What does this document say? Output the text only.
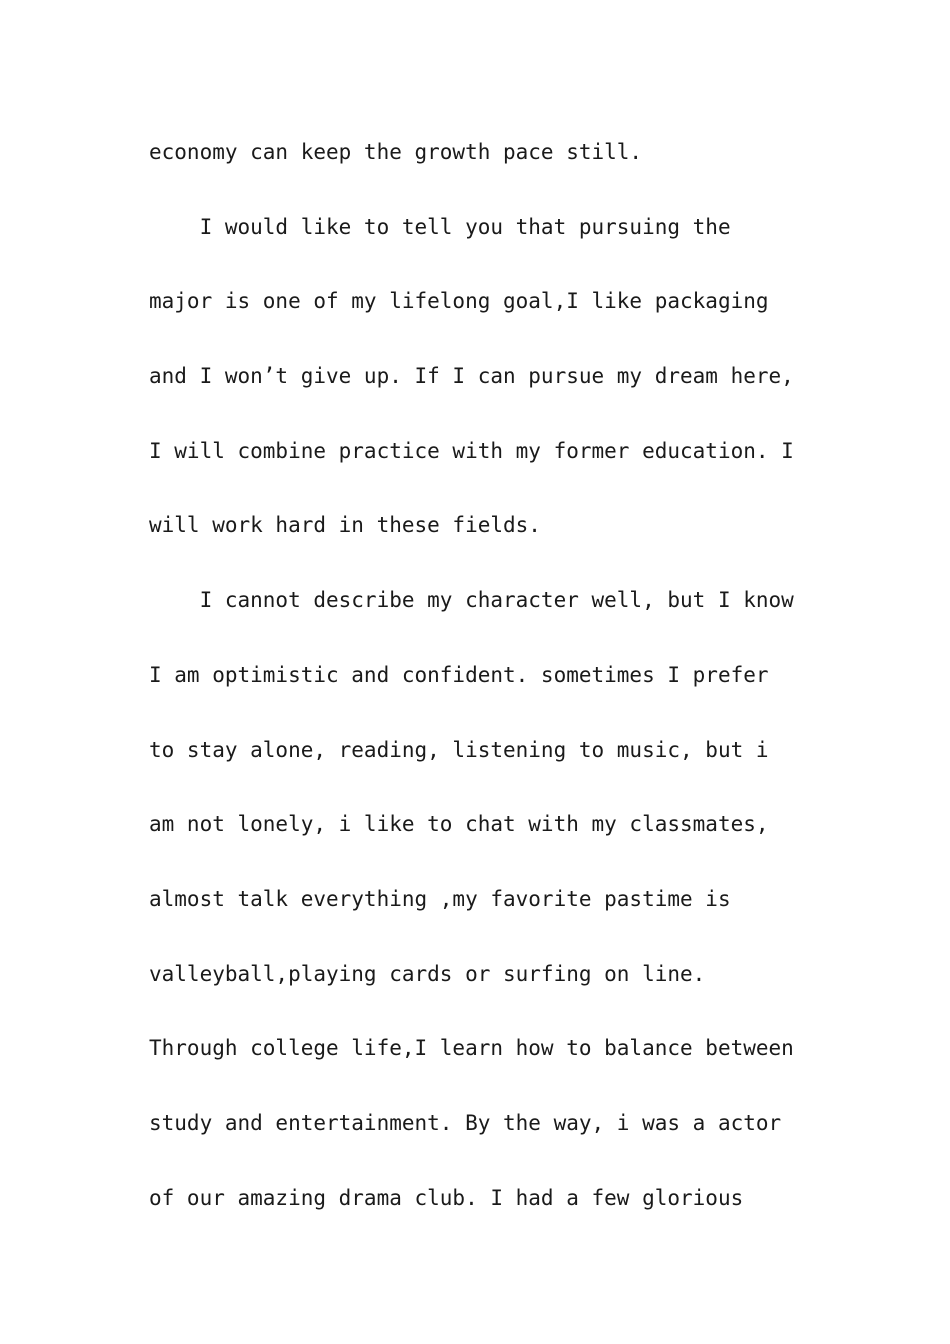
economy can keep the growth pace still.
I would like to tell you that pursuing the
major is one of my lifelong goal,I like packaging
and I won’t give up. If I can pursue my dream here,
I will combine practice with my former education. I
will work hard in these fields.
I cannot describe my character well, but I know
I am optimistic and confident. sometimes I prefer
to stay alone, reading, listening to music, but i
am not lonely, i like to chat with my classmates,
almost talk everything ,my favorite pastime is
valleyball,playing cards or surfing on line.
Through college life,I learn how to balance between
study and entertainment. By the way, i was a actor
of our amazing drama club. I had a few glorious
